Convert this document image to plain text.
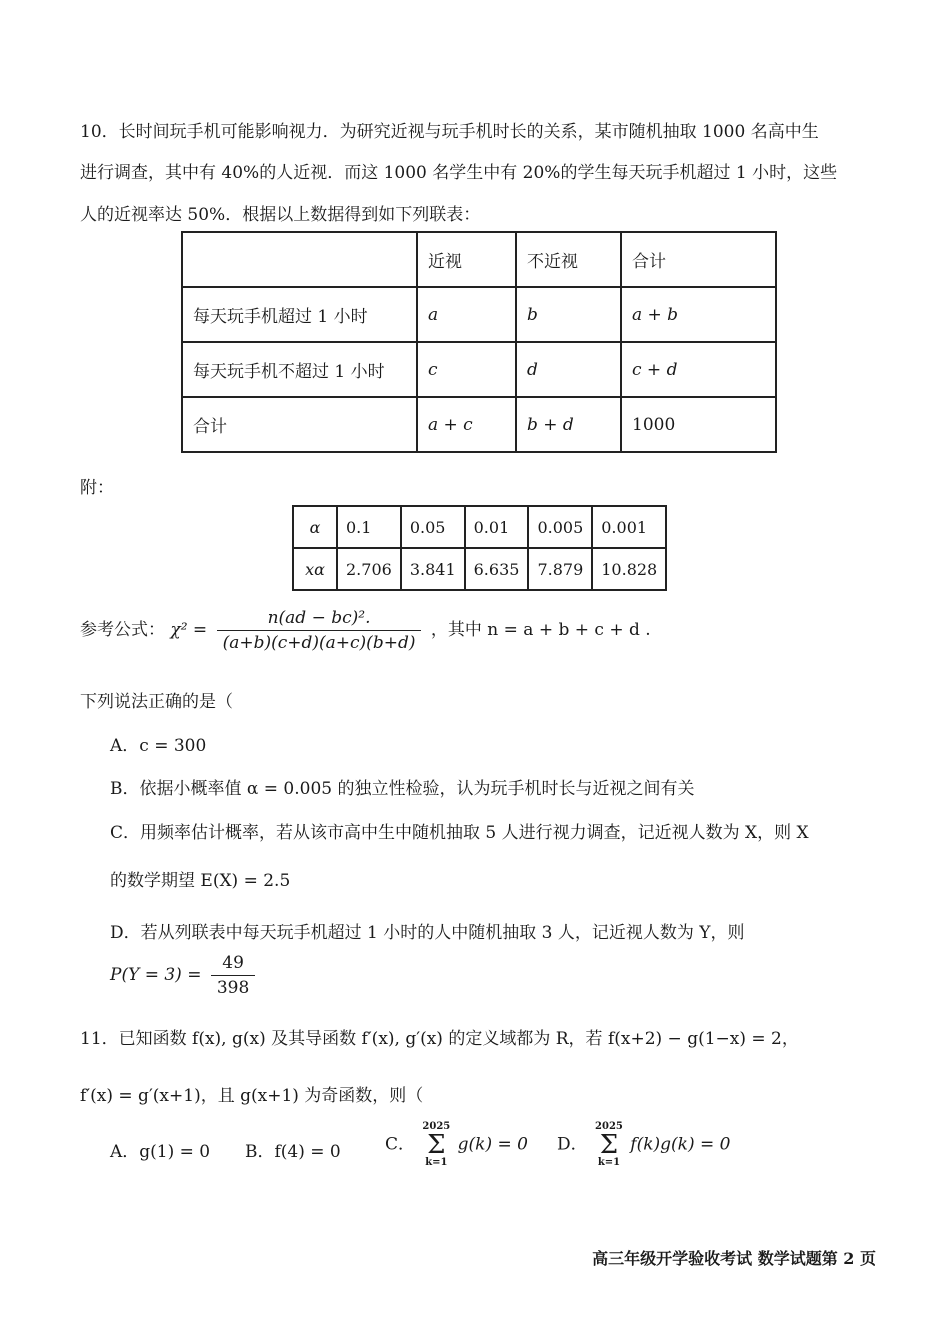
10．长时间玩手机可能影响视力．为研究近视与玩手机时长的关系，某市随机抽取 1000 名高中生
进行调查，其中有 40%的人近视．而这 1000 名学生中有 20%的学生每天玩手机超过 1 小时，这些
人的近视率达 50%．根据以上数据得到如下列联表：
	近视	不近视	合计
每天玩手机超过 1 小时	a	b	a + b
每天玩手机不超过 1 小时	c	d	c + d
合计	a + c	b + d	1000
附：
α	0.1	0.05	0.01	0.005	0.001
xα	2.706	3.841	6.635	7.879	10.828
参考公式： $\chi^2 = \frac{\text{n(ad − bc)².}}{(a+b)(c+d)(a+c)(b+d)}$ ，其中 n = a + b + c + d .
下列说法正确的是（
A．c = 300
B．依据小概率值 α = 0.005 的独立性检验，认为玩手机时长与近视之间有关
C．用频率估计概率，若从该市高中生中随机抽取 5 人进行视力调查，记近视人数为 X，则 X
的数学期望 E(X) = 2.5
D．若从列联表中每天玩手机超过 1 小时的人中随机抽取 3 人，记近视人数为 Y，则
$P(Y = 3) = \frac{49}{398}$
11．已知函数 f(x), g(x) 及其导函数 f′(x), g′(x) 的定义域都为 R，若 f(x+2) − g(1−x) = 2，
f′(x) = g′(x+1)，且 g(x+1) 为奇函数，则（
A．g(1) = 0 B．f(4) = 0	C．
2025
Σ
k=1
g(k) = 0 D．
2025
Σ
k=1
f(k)g(k) = 0
高三年级开学验收考试 数学试题第 2 页
